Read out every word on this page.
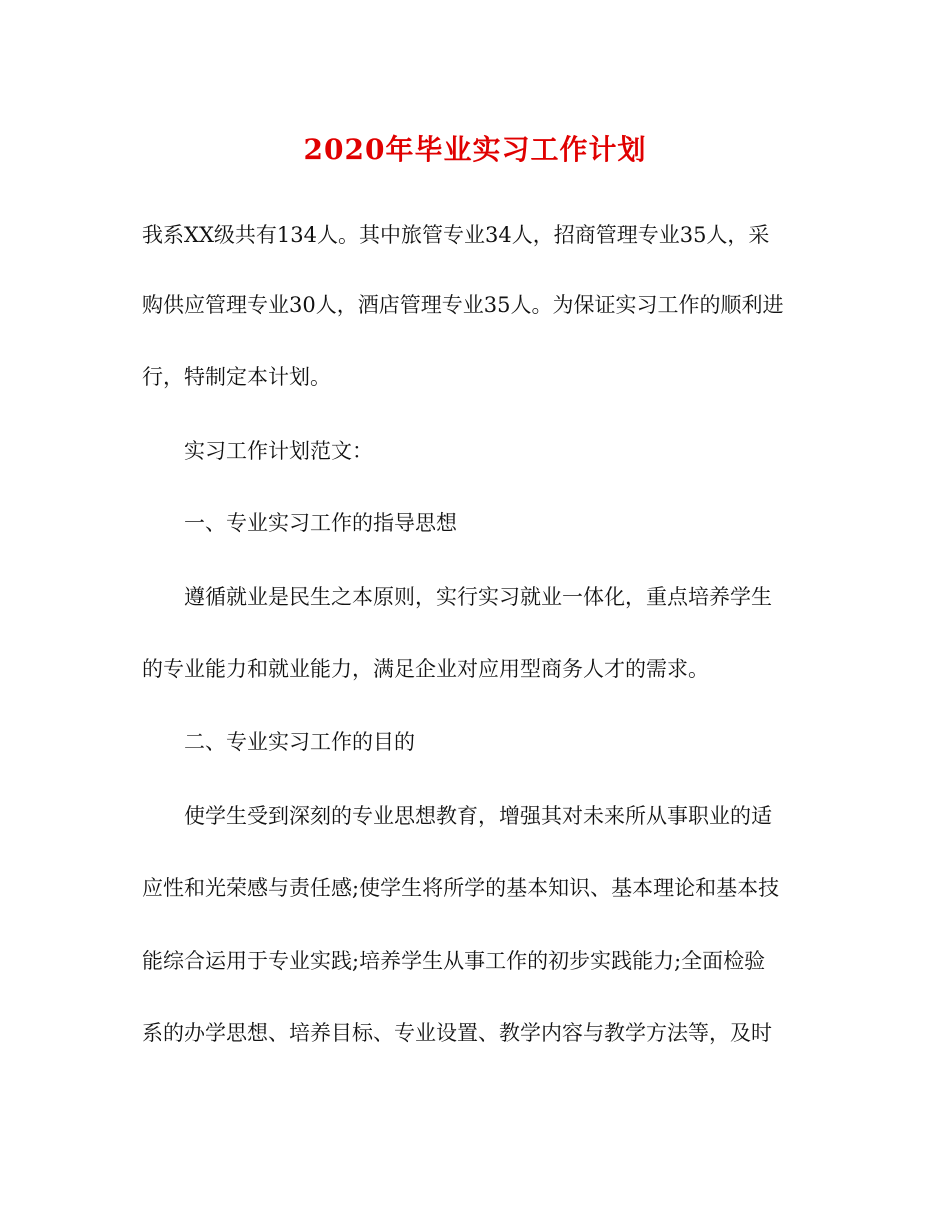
2020年毕业实习工作计划
我系XX级共有134人。其中旅管专业34人，招商管理专业35人，采
购供应管理专业30人，酒店管理专业35人。为保证实习工作的顺利进
行，特制定本计划。
实习工作计划范文：
一、专业实习工作的指导思想
遵循就业是民生之本原则，实行实习就业一体化，重点培养学生
的专业能力和就业能力，满足企业对应用型商务人才的需求。
二、专业实习工作的目的
使学生受到深刻的专业思想教育，增强其对未来所从事职业的适
应性和光荣感与责任感;使学生将所学的基本知识、基本理论和基本技
能综合运用于专业实践;培养学生从事工作的初步实践能力;全面检验
系的办学思想、培养目标、专业设置、教学内容与教学方法等，及时
